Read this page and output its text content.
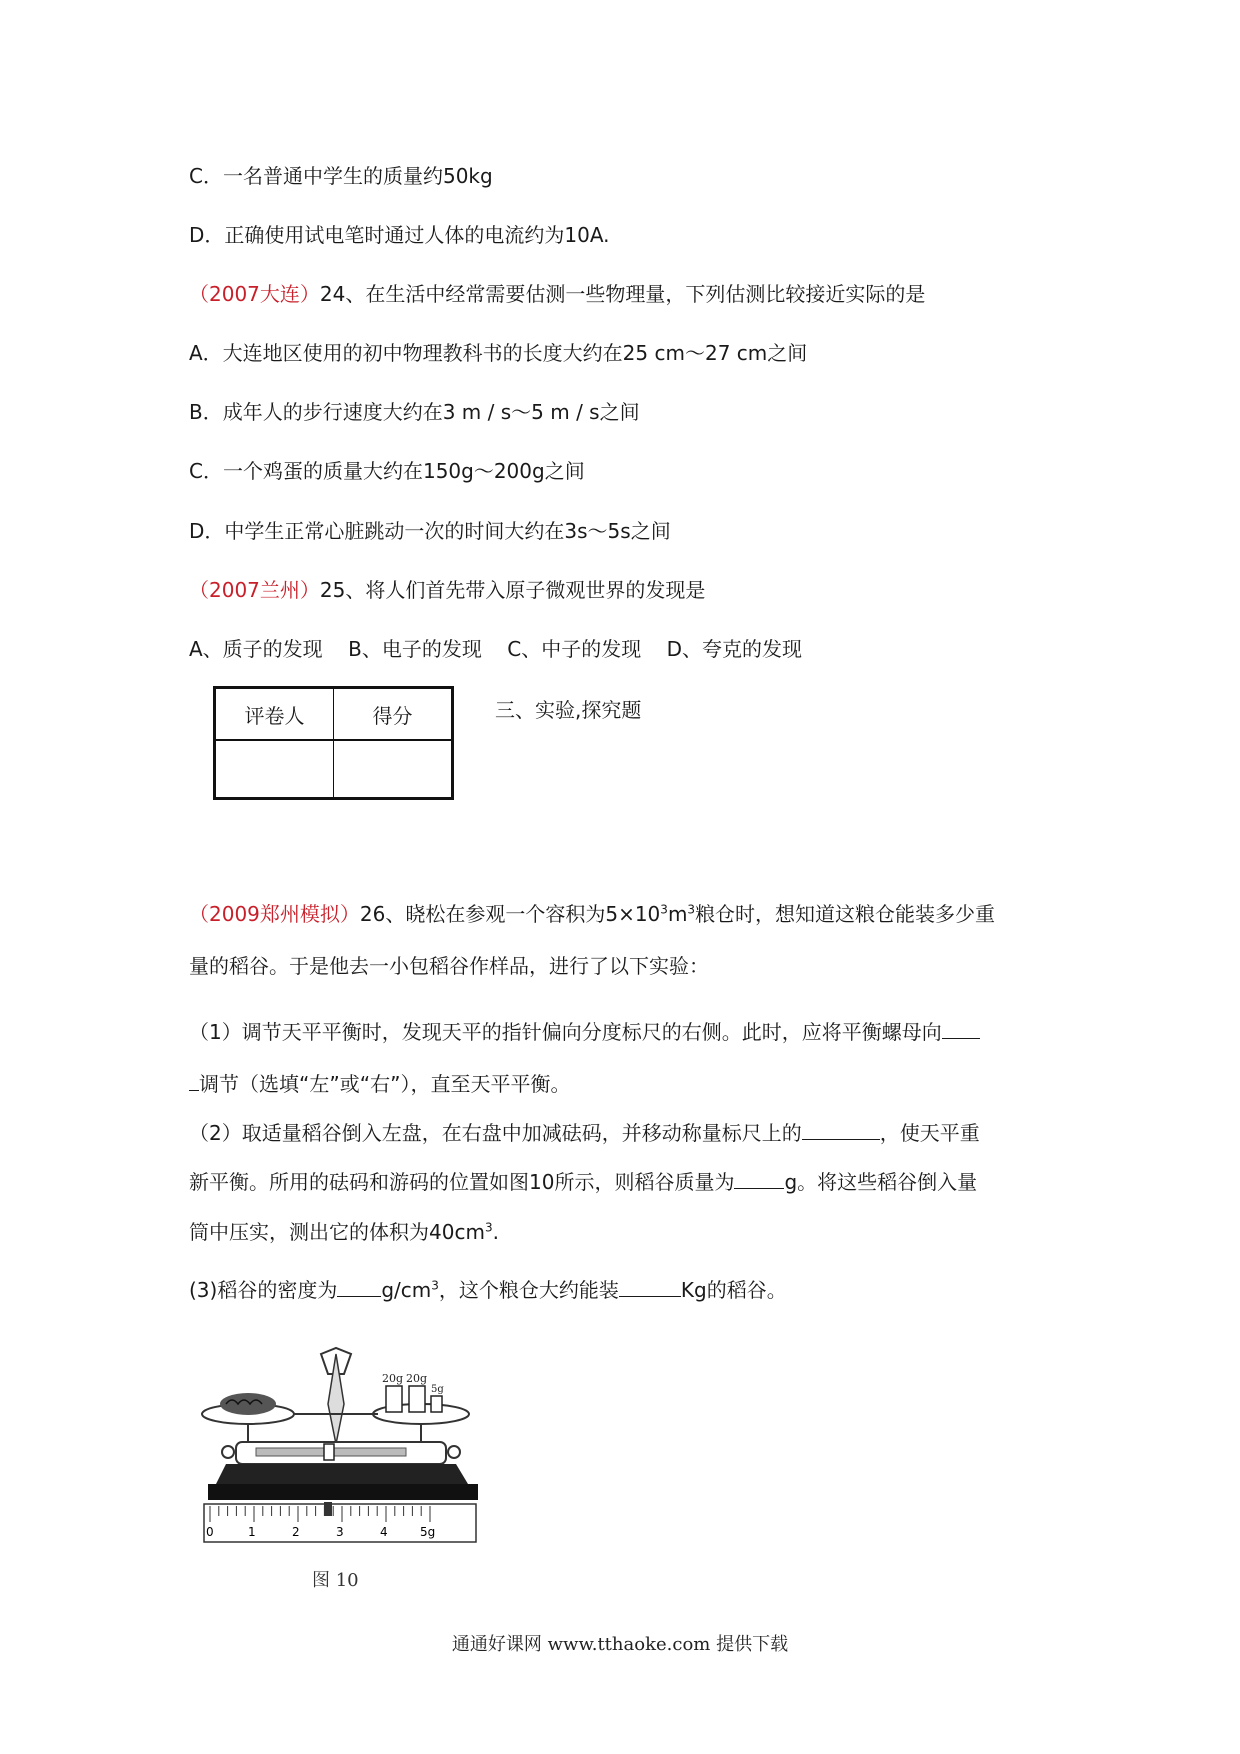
C．一名普通中学生的质量约50kg
D．正确使用试电笔时通过人体的电流约为10A.
（2007大连）24、在生活中经常需要估测一些物理量，下列估测比较接近实际的是
A．大连地区使用的初中物理教科书的长度大约在25 cm～27 cm之间
B．成年人的步行速度大约在3 m / s～5 m / s之间
C．一个鸡蛋的质量大约在150g～200g之间
D．中学生正常心脏跳动一次的时间大约在3s～5s之间
（2007兰州）25、将人们首先带入原子微观世界的发现是
A、质子的发现    B、电子的发现    C、中子的发现    D、夸克的发现
评卷人	得分
		三、实验,探究题
（2009郑州模拟）26、晓松在参观一个容积为$5\times 10^3m^3$粮仓时，想知道这粮仓能装多少重
量的稻谷。于是他去一小包稻谷作样品，进行了以下实验：
（1）调节天平平衡时，发现天平的指针偏向分度标尺的右侧。此时，应将平衡螺母向
调节（选填“左”或“右”），直至天平平衡。
（2）取适量稻谷倒入左盘，在右盘中加减砝码，并移动称量标尺上的	，使天平重
新平衡。所用的砝码和游码的位置如图10所示，则稻谷质量为	g。将这些稻谷倒入量
筒中压实，测出它的体积为$40cm^3$.
(3)稻谷的密度为 $g/cm^3$，这个粮仓大约能装	Kg的稻谷。
20g 20g
5g
0	1	2	3	4	5g
图 10
通通好课网 www.tthaoke.com 提供下载
